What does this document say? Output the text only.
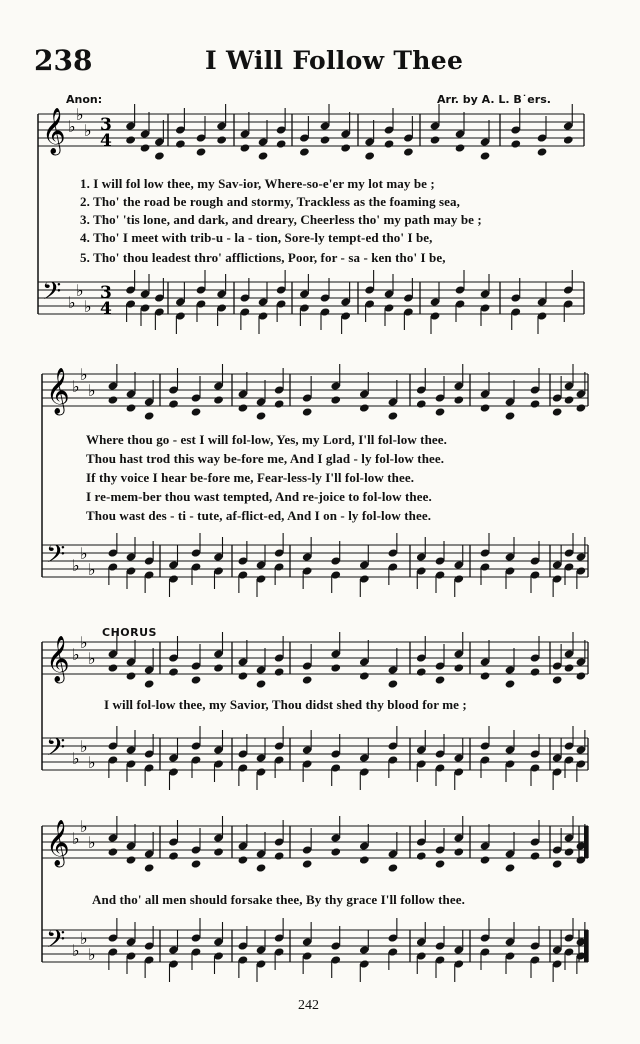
238	I Will Follow Thee
Anon:	Arr. by A. L. B˙ers.
𝄞
𝄢
♭
♭
♭
♭
♭
♭
3
4
3
4
𝄞
𝄢
♭
♭
♭
♭
♭
♭
𝄞
𝄢
♭
♭
♭
♭
♭
♭
𝄞
𝄢
♭
♭
♭
♭
♭
♭
1. I will fol low thee, my Sav-ior, Where-so-e'er my lot may be ;
2. Tho' the road be rough and stormy, Trackless as the foaming sea,
3. Tho' 'tis lone, and dark, and dreary, Cheerless tho' my path may be ;
4. Tho' I meet with trib-u - la - tion, Sore-ly tempt-ed tho' I be,
5. Tho' thou leadest thro' afflictions, Poor, for - sa - ken tho' I be,
Where thou go - est I will fol-low, Yes, my Lord, I'll fol-low thee.
Thou hast trod this way be-fore me, And I glad - ly fol-low thee.
If thy voice I hear be-fore me, Fear-less-ly I'll fol-low thee.
I re-mem-ber thou wast tempted, And re-joice to fol-low thee.
Thou wast des - ti - tute, af-flict-ed, And I on - ly fol-low thee.
CHORUS
I will fol-low thee, my Savior, Thou didst shed thy blood for me ;
And tho' all men should forsake thee, By thy grace I'll follow thee.
242
